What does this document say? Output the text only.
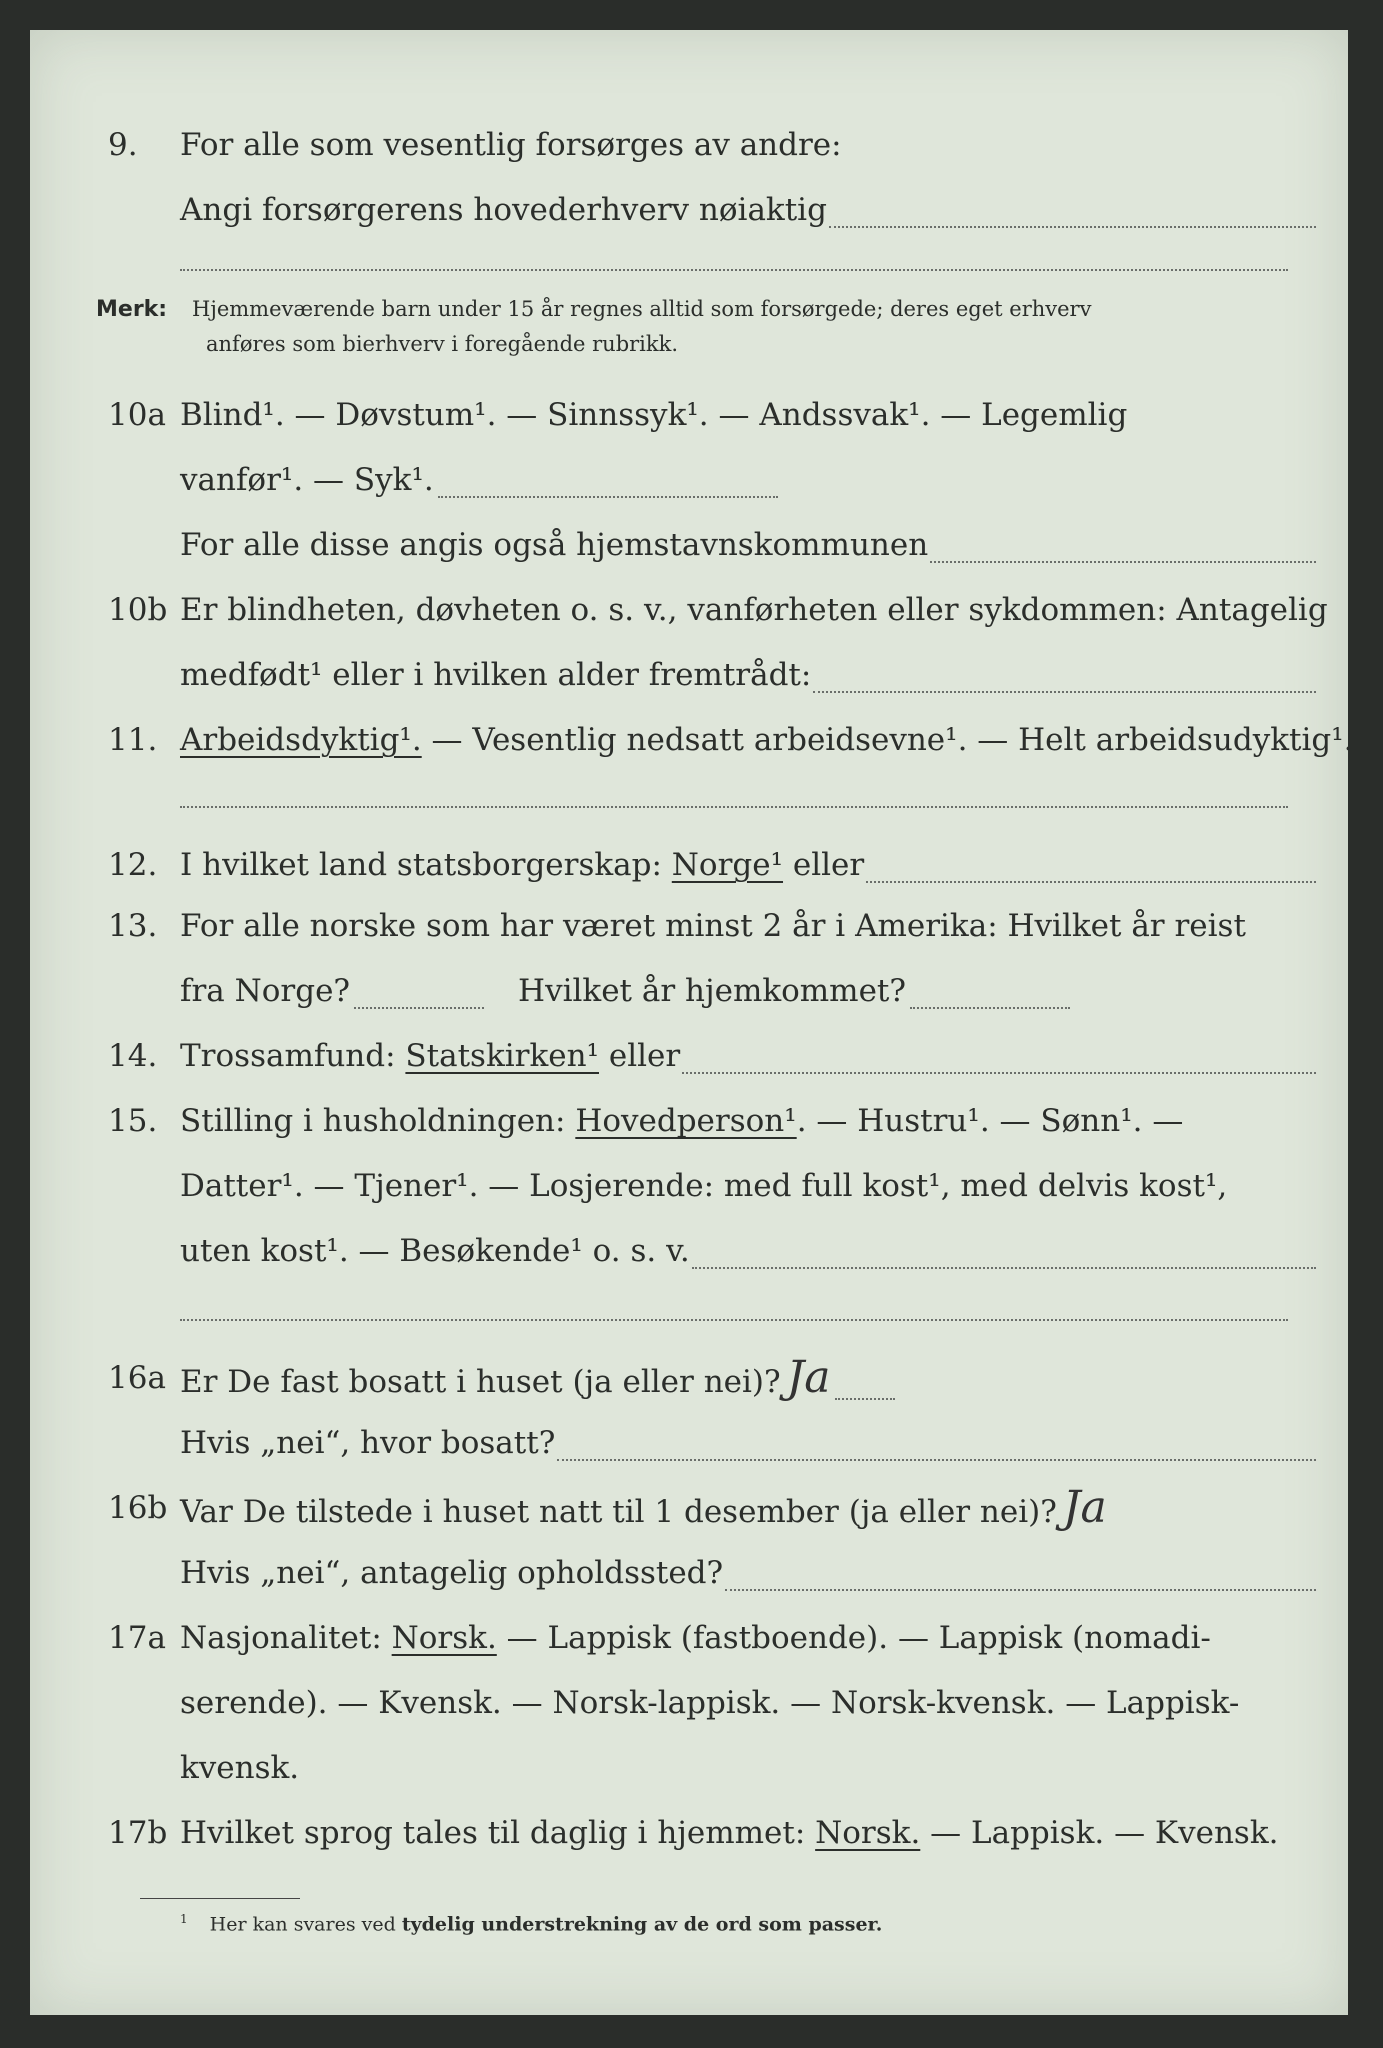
9.	For alle som vesentlig forsørges av andre:
Angi forsørgerens hovederhverv nøiaktig
Merk: Hjemmeværende barn under 15 år regnes alltid som forsørgede; deres eget erhverv
anføres som bierhverv i foregående rubrikk.
10a Blind¹. — Døvstum¹. — Sinnssyk¹. — Andssvak¹. — Legemlig
vanfør¹. — Syk¹.
For alle disse angis også hjemstavnskommunen
10b Er blindheten, døvheten o. s. v., vanførheten eller sykdommen: Antagelig
medfødt¹ eller i hvilken alder fremtrådt:
11. Arbeidsdyktig¹. — Vesentlig nedsatt arbeidsevne¹. — Helt arbeidsudyktig¹.
12. I hvilket land statsborgerskap: Norge¹ eller
13. For alle norske som har været minst 2 år i Amerika: Hvilket år reist
fra Norge?	Hvilket år hjemkommet?
14. Trossamfund: Statskirken¹ eller
15. Stilling i husholdningen: Hovedperson¹ . — Hustru¹. — Sønn¹. —
Datter¹. — Tjener¹. — Losjerende: med full kost¹, med delvis kost¹,
uten kost¹. — Besøkende¹ o. s. v.
16a Er De fast bosatt i huset (ja eller nei)? Ja
Hvis „nei“, hvor bosatt?
16b Var De tilstede i huset natt til 1 desember (ja eller nei)? Ja
Hvis „nei“, antagelig opholdssted?
17a Nasjonalitet: Norsk. — Lappisk (fastboende). — Lappisk (nomadi-
serende). — Kvensk. — Norsk-lappisk. — Norsk-kvensk. — Lappisk-
kvensk.
17b Hvilket sprog tales til daglig i hjemmet: Norsk. — Lappisk. — Kvensk.
$^1$ Her kan svares ved tydelig understrekning av de ord som passer.
